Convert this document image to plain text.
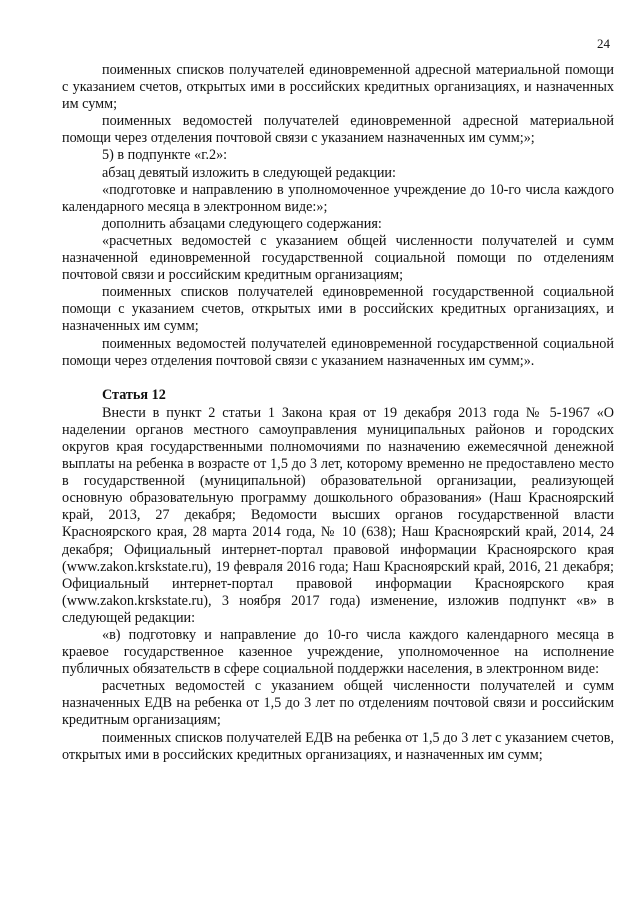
24

поименных списков получателей единовременной адресной материальной помощи с указанием счетов, открытых ими в российских кредитных организациях, и назначенных им сумм;

поименных ведомостей получателей единовременной адресной материальной помощи через отделения почтовой связи с указанием назначенных им сумм;»;

5) в подпункте «г.2»:

абзац девятый изложить в следующей редакции:

«подготовке и направлению в уполномоченное учреждение до 10-го числа каждого календарного месяца в электронном виде:»;

дополнить абзацами следующего содержания:

«расчетных ведомостей с указанием общей численности получателей и сумм назначенной единовременной государственной социальной помощи по отделениям почтовой связи и российским кредитным организациям;

поименных списков получателей единовременной государственной социальной помощи с указанием счетов, открытых ими в российских кредитных организациях, и назначенных им сумм;

поименных ведомостей получателей единовременной государственной социальной помощи через отделения почтовой связи с указанием назначенных им сумм;».

Статья 12

Внести в пункт 2 статьи 1 Закона края от 19 декабря 2013 года № 5-1967 «О наделении органов местного самоуправления муниципальных районов и городских округов края государственными полномочиями по назначению ежемесячной денежной выплаты на ребенка в возрасте от 1,5 до 3 лет, которому временно не предоставлено место в государственной (муниципальной) образовательной организации, реализующей основную образовательную программу дошкольного образования» (Наш Красноярский край, 2013, 27 декабря; Ведомости высших органов государственной власти Красноярского края, 28 марта 2014 года, № 10 (638); Наш Красноярский край, 2014, 24 декабря; Официальный интернет-портал правовой информации Красноярского края (www.zakon.krskstate.ru), 19 февраля 2016 года; Наш Красноярский край, 2016, 21 декабря; Официальный интернет-портал правовой информации Красноярского края (www.zakon.krskstate.ru), 3 ноября 2017 года) изменение, изложив подпункт «в» в следующей редакции:

«в) подготовку и направление до 10-го числа каждого календарного месяца в краевое государственное казенное учреждение, уполномоченное на исполнение публичных обязательств в сфере социальной поддержки населения, в электронном виде:

расчетных ведомостей с указанием общей численности получателей и сумм назначенных ЕДВ на ребенка от 1,5 до 3 лет по отделениям почтовой связи и российским кредитным организациям;

поименных списков получателей ЕДВ на ребенка от 1,5 до 3 лет с указанием счетов, открытых ими в российских кредитных организациях, и назначенных им сумм;
